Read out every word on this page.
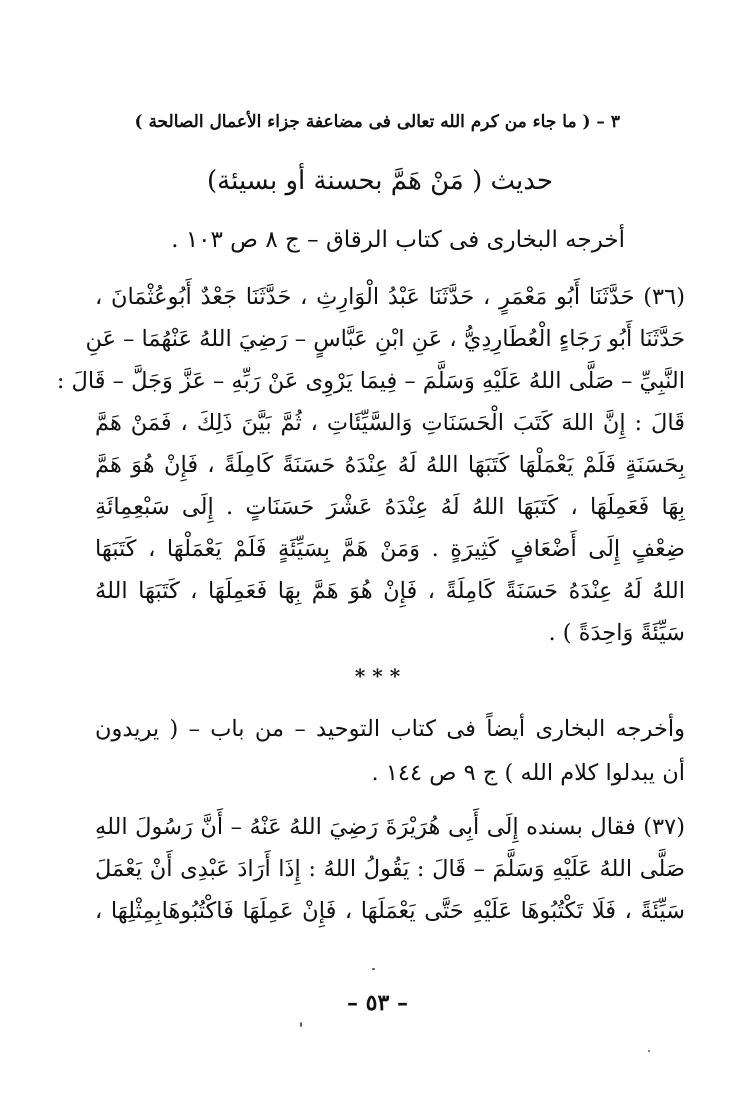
٣ – ( ما جاء من كرم الله تعالى فى مضاعفة جزاء الأعمال الصالحة )
حديث ( مَنْ هَمَّ بحسنة أو بسيئة)
أخرجه البخارى فى كتاب الرقاق – ج ٨ ص ١٠٣ .
(٣٦) حَدَّثَنَا أَبُو مَعْمَرٍ ، حَدَّثَنَا عَبْدُ الْوَارِثِ ، حَدَّثَنَا جَعْدٌ أَبُوعُثْمَانَ ،
حَدَّثَنَا أَبُو رَجَاءٍ الْعُطَارِدِيُّ ، عَنِ ابْنِ عَبَّاسٍ – رَضِيَ اللهُ عَنْهُمَا – عَنِ
النَّبِيِّ – صَلَّى اللهُ عَلَيْهِ وَسَلَّمَ – فِيمَا يَرْوِى عَنْ رَبِّهِ – عَزَّ وَجَلَّ – قَالَ :
قَالَ : إِنَّ اللهَ كَتَبَ الْحَسَنَاتِ وَالسَّيِّئَاتِ ، ثُمَّ بَيَّنَ ذَلِكَ ، فَمَنْ هَمَّ
بِحَسَنَةٍ فَلَمْ يَعْمَلْهَا كَتَبَهَا اللهُ لَهُ عِنْدَهُ حَسَنَةً كَامِلَةً ، فَإِنْ هُوَ هَمَّ
بِهَا فَعَمِلَهَا ، كَتَبَهَا اللهُ لَهُ عِنْدَهُ عَشْرَ حَسَنَاتٍ . إِلَى سَبْعِمِائَةِ
ضِعْفٍ إِلَى أَضْعَافٍ كَثِيرَةٍ . وَمَنْ هَمَّ بِسَيِّئَةٍ فَلَمْ يَعْمَلْهَا ، كَتَبَهَا
اللهُ لَهُ عِنْدَهُ حَسَنَةً كَامِلَةً ، فَإِنْ هُوَ هَمَّ بِهَا فَعَمِلَهَا ، كَتَبَهَا اللهُ
سَيِّئَةً وَاحِدَةً ) .
* * *
وأخرجه البخارى أيضاً فى كتاب التوحيد – من باب – ( يريدون
أن يبدلوا كلام الله ) ج ٩ ص ١٤٤ .
(٣٧) فقال بسنده إِلَى أَبِى هُرَيْرَةَ رَضِيَ اللهُ عَنْهُ – أَنَّ رَسُولَ اللهِ
صَلَّى اللهُ عَلَيْهِ وَسَلَّمَ – قَالَ : يَقُولُ اللهُ : إِذَا أَرَادَ عَبْدِى أَنْ يَعْمَلَ
سَيِّئَةً ، فَلَا تَكْتُبُوهَا عَلَيْهِ حَتَّى يَعْمَلَهَا ، فَإِنْ عَمِلَهَا فَاكْتُبُوهَابِمِثْلِهَا ،
– ٥٣ –
